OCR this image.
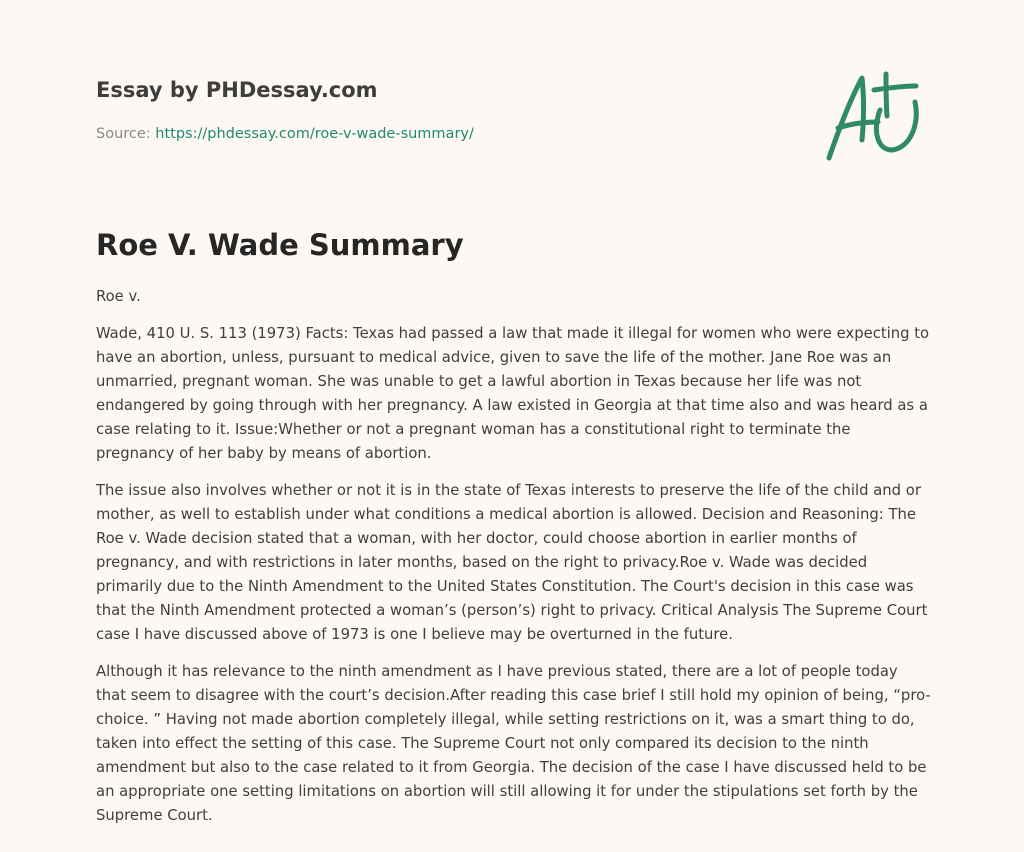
Essay by PHDessay.com
Source: https://phdessay.com/roe-v-wade-summary/
Roe V. Wade Summary

Roe v.

Wade, 410 U. S. 113 (1973) Facts: Texas had passed a law that made it illegal for women who were expecting to have an abortion, unless, pursuant to medical advice, given to save the life of the mother. Jane Roe was an unmarried, pregnant woman. She was unable to get a lawful abortion in Texas because her life was not endangered by going through with her pregnancy. A law existed in Georgia at that time also and was heard as a case relating to it. Issue:Whether or not a pregnant woman has a constitutional right to terminate the pregnancy of her baby by means of abortion.

The issue also involves whether or not it is in the state of Texas interests to preserve the life of the child and or mother, as well to establish under what conditions a medical abortion is allowed. Decision and Reasoning: The Roe v. Wade decision stated that a woman, with her doctor, could choose abortion in earlier months of pregnancy, and with restrictions in later months, based on the right to privacy.Roe v. Wade was decided primarily due to the Ninth Amendment to the United States Constitution. The Court's decision in this case was that the Ninth Amendment protected a woman’s (person’s) right to privacy. Critical Analysis The Supreme Court case I have discussed above of 1973 is one I believe may be overturned in the future.

Although it has relevance to the ninth amendment as I have previous stated, there are a lot of people today that seem to disagree with the court’s decision.After reading this case brief I still hold my opinion of being, “pro-choice. ” Having not made abortion completely illegal, while setting restrictions on it, was a smart thing to do, taken into effect the setting of this case. The Supreme Court not only compared its decision to the ninth amendment but also to the case related to it from Georgia. The decision of the case I have discussed held to be an appropriate one setting limitations on abortion will still allowing it for under the stipulations set forth by the Supreme Court.
